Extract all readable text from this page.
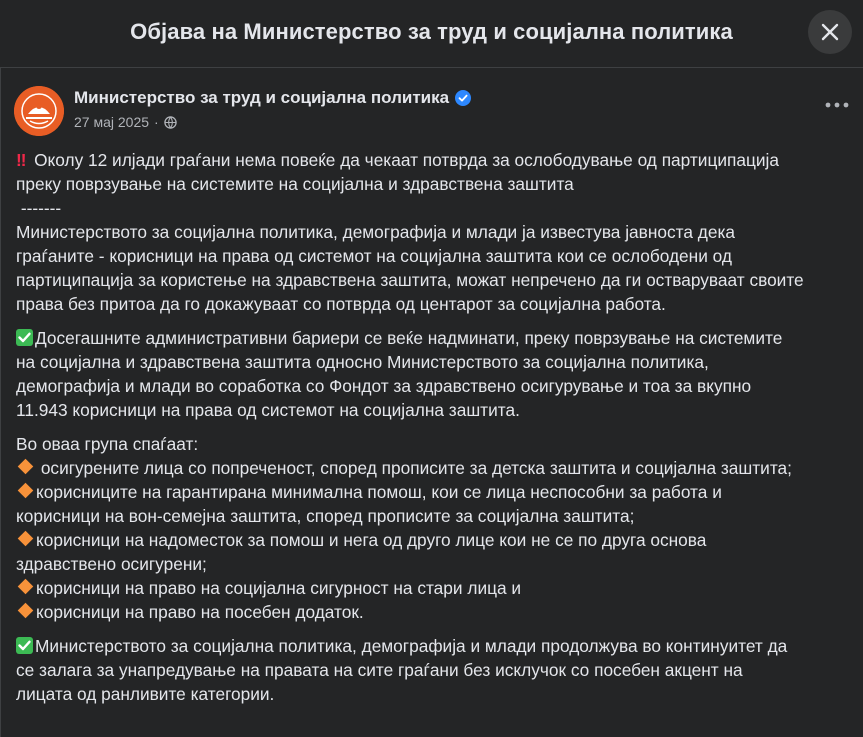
Објава на Министерство за труд и социјална политика
Министерство за труд и социјална политика
27 мај 2025 ·
‼ Околу 12 илјади граѓани нема повеќе да чекаат потврда за ослободување од партиципација
преку поврзување на системите на социјална и здравствена заштита
-------
Министерството за социјална политика, демографија и млади ја известува јавноста дека
граѓаните - корисници на права од системот на социјална заштита кои се ослободени од
партиципација за користење на здравствена заштита, можат непречено да ги остваруваат своите
права без притоа да го докажуваат со потврда од центарот за социјална работа.
Досегашните административни бариери се веќе надминати, преку поврзување на системите
на социјална и здравствена заштита односно Министерството за социјална политика,
демографија и млади во соработка со Фондот за здравствено осигурување и тоа за вкупно
11.943 корисници на права од системот на социјална заштита.
Во оваа група спаѓаат:
осигурените лица со попреченост, според прописите за детска заштита и социјална заштита;
корисниците на гарантирана минимална помош, кои се лица неспособни за работа и
корисници на вон-семејна заштита, според прописите за социјална заштита;
корисници на надоместок за помош и нега од друго лице кои не се по друга основа
здравствено осигурени;
корисници на право на социјална сигурност на стари лица и
корисници на право на посебен додаток.
Министерството за социјална политика, демографија и млади продолжува во континуитет да
се залага за унапредување на правата на сите граѓани без исклучок со посебен акцент на
лицата од ранливите категории.
